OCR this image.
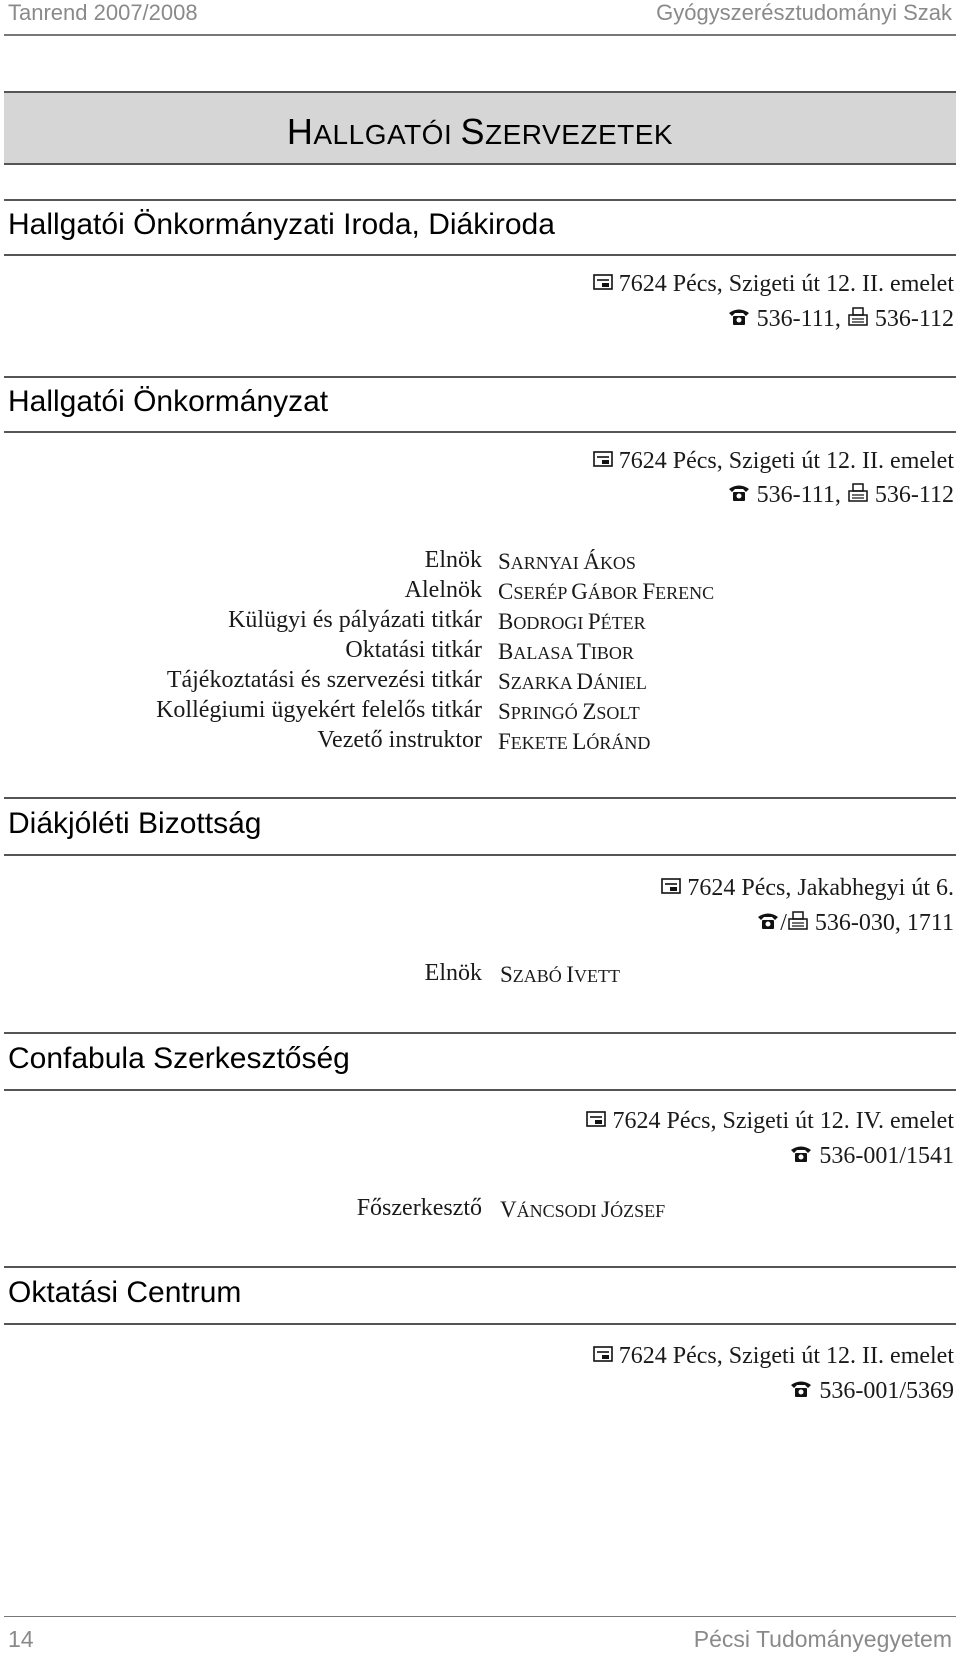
Tanrend 2007/2008	Gyógyszerésztudományi Szak
HALLGATÓI SZERVEZETEK
Hallgatói Önkormányzati Iroda, Diákiroda
7624 Pécs, Szigeti út 12. II. emelet
536-111, 536-112
Hallgatói Önkormányzat
7624 Pécs, Szigeti út 12. II. emelet
536-111, 536-112
Elnök SARNYAI ÁKOS
Alelnök CSERÉP GÁBOR FERENC
Külügyi és pályázati titkár BODROGI PÉTER
Oktatási titkár BALASA TIBOR
Tájékoztatási és szervezési titkár SZARKA DÁNIEL
Kollégiumi ügyekért felelős titkár SPRINGÓ ZSOLT
Vezető instruktor FEKETE LÓRÁND
Diákjóléti Bizottság
7624 Pécs, Jakabhegyi út 6.
/ 536-030, 1711
Elnök SZABÓ IVETT
Confabula Szerkesztőség
7624 Pécs, Szigeti út 12. IV. emelet
536-001/1541
Főszerkesztő VÁNCSODI JÓZSEF
Oktatási Centrum
7624 Pécs, Szigeti út 12. II. emelet
536-001/5369
14	Pécsi Tudományegyetem
